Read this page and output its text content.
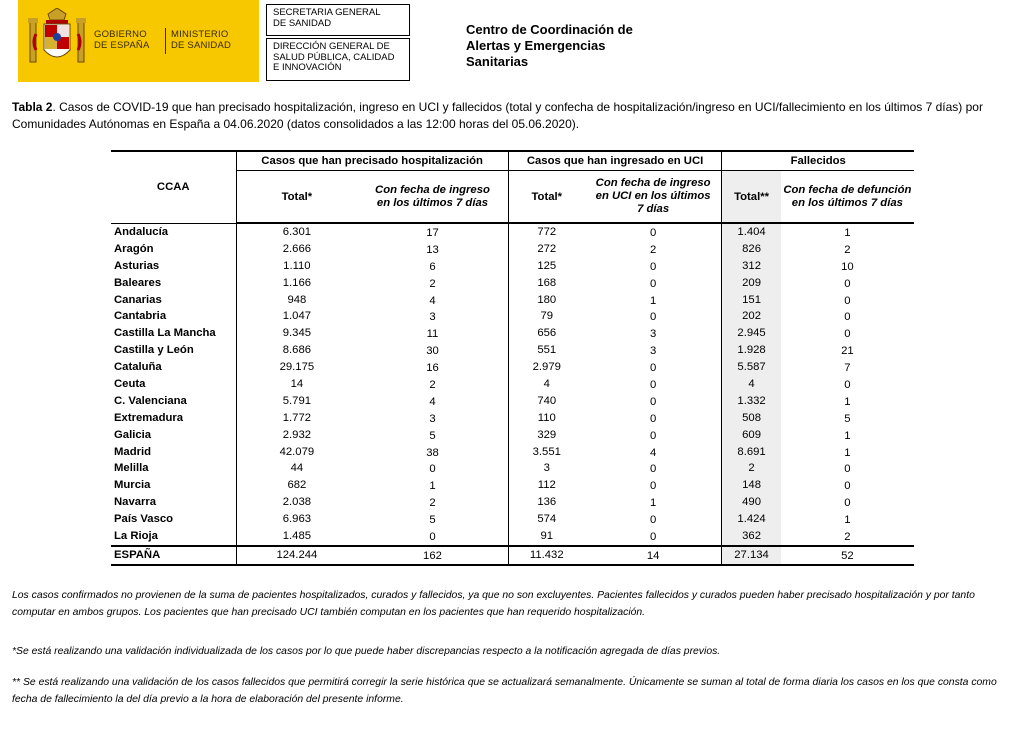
GOBIERNO
DE ESPAÑA
MINISTERIO
DE SANIDAD
SECRETARIA GENERAL
DE SANIDAD
DIRECCIÓN GENERAL DE
SALUD PÚBLICA, CALIDAD
E INNOVACIÓN
Centro de Coordinación de
Alertas y Emergencias
Sanitarias
Tabla 2. Casos de COVID-19 que han precisado hospitalización, ingreso en UCI y fallecidos (total y confecha de hospitalización/ingreso en UCI/fallecimiento en los últimos 7 días) por Comunidades Autónomas en España a 04.06.2020 (datos consolidados a las 12:00 horas del 05.06.2020).
CCAA	Casos que han precisado hospitalización		Casos que han ingresado en UCI		Fallecidos	
	Total*	Con fecha de ingreso
en los últimos 7 días	Total*	Con fecha de ingreso
en UCI en los últimos
7 días	Total**	Con fecha de defunción
en los últimos 7 días
Andalucía	6.301	17	772	0	1.404	1
Aragón	2.666	13	272	2	826	2
Asturias	1.110	6	125	0	312	10
Baleares	1.166	2	168	0	209	0
Canarias	948	4	180	1	151	0
Cantabria	1.047	3	79	0	202	0
Castilla La Mancha	9.345	11	656	3	2.945	0
Castilla y León	8.686	30	551	3	1.928	21
Cataluña	29.175	16	2.979	0	5.587	7
Ceuta	14	2	4	0	4	0
C. Valenciana	5.791	4	740	0	1.332	1
Extremadura	1.772	3	110	0	508	5
Galicia	2.932	5	329	0	609	1
Madrid	42.079	38	3.551	4	8.691	1
Melilla	44	0	3	0	2	0
Murcia	682	1	112	0	148	0
Navarra	2.038	2	136	1	490	0
País Vasco	6.963	5	574	0	1.424	1
La Rioja	1.485	0	91	0	362	2
ESPAÑA	124.244	162	11.432	14	27.134	52
Los casos confirmados no provienen de la suma de pacientes hospitalizados, curados y fallecidos, ya que no son excluyentes. Pacientes fallecidos y curados pueden haber precisado hospitalización y por tanto computar en ambos grupos. Los pacientes que han precisado UCI también computan en los pacientes que han requerido hospitalización.
*Se está realizando una validación individualizada de los casos por lo que puede haber discrepancias respecto a la notificación agregada de días previos.
** Se está realizando una validación de los casos fallecidos que permitirá corregir la serie histórica que se actualizará semanalmente. Únicamente se suman al total de forma diaria los casos en los que consta como fecha de fallecimiento la del día previo a la hora de elaboración del presente informe.
